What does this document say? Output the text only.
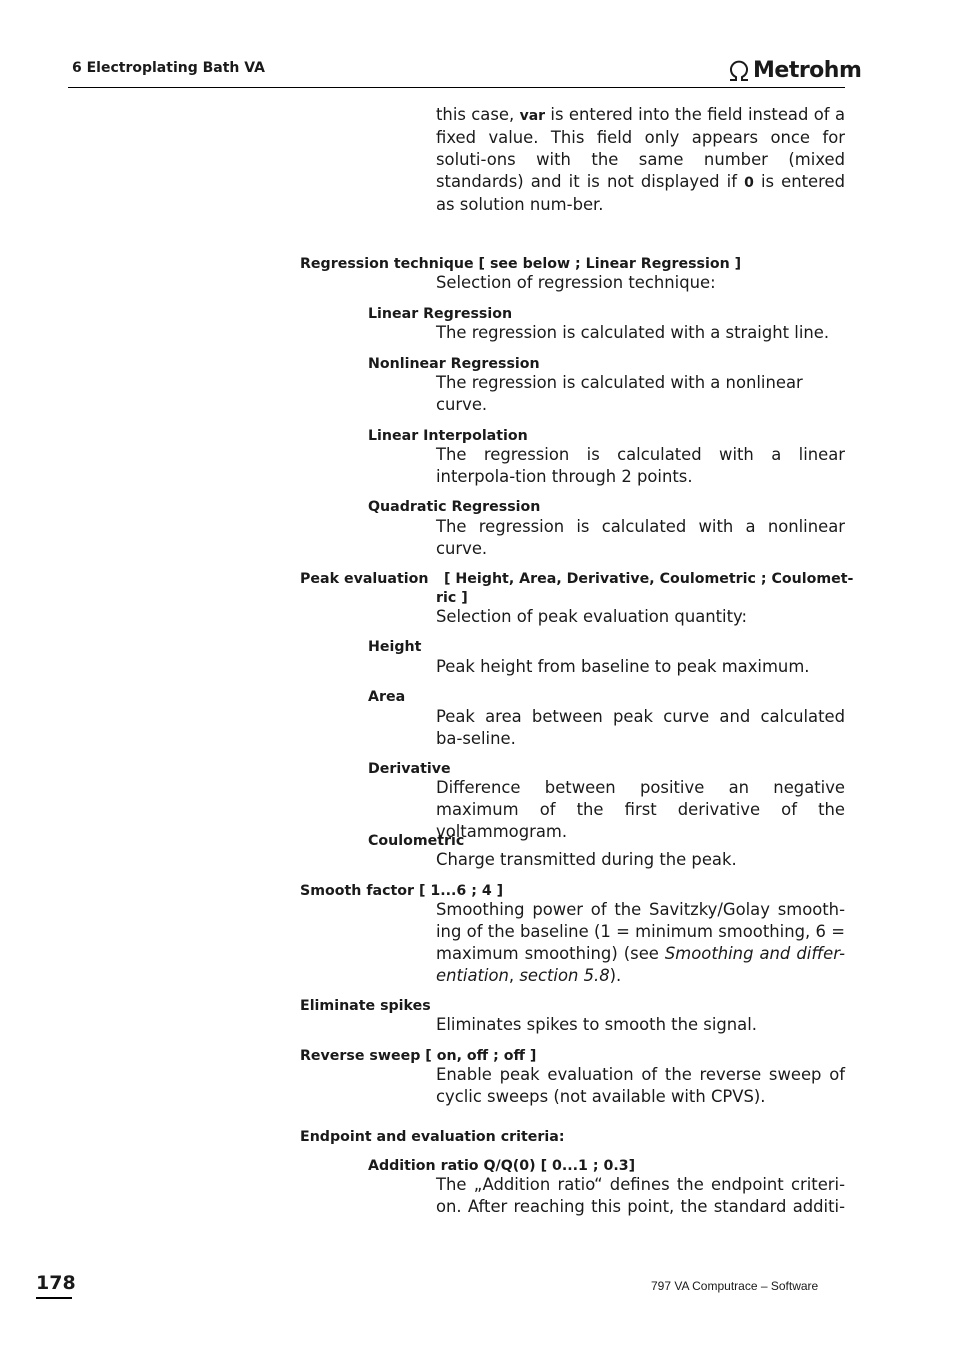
6 Electroplating Bath VA	Metrohm
this case, var is entered into the field instead of a fixed value. This field only appears once for soluti-ons with the same number (mixed standards) and it is not displayed if 0 is entered as solution num-ber.
Regression technique [ see below ; Linear Regression ]
Selection of regression technique:
Linear Regression
The regression is calculated with a straight line.
Nonlinear Regression
The regression is calculated with a nonlinear curve.
Linear Interpolation
The regression is calculated with a linear interpola-tion through 2 points.
Quadratic Regression
The regression is calculated with a nonlinear curve.
Peak evaluation [ Height, Area, Derivative, Coulometric ; Coulomet-
ric ]
Selection of peak evaluation quantity:
Height
Peak height from baseline to peak maximum.
Area
Peak area between peak curve and calculated ba-seline.
Derivative
Difference between positive an negative maximum of the first derivative of the voltammogram.
Coulometric
Charge transmitted during the peak.
Smooth factor [ 1...6 ; 4 ]
Smoothing power of the Savitzky/Golay smooth-ing of the baseline (1 = minimum smoothing, 6 = maximum smoothing) (see Smoothing and differ-entiation, section 5.8).
Eliminate spikes
Eliminates spikes to smooth the signal.
Reverse sweep [ on, off ; off ]
Enable peak evaluation of the reverse sweep of cyclic sweeps (not available with CPVS).
Endpoint and evaluation criteria:
Addition ratio Q/Q(0) [ 0...1 ; 0.3]
The „Addition ratio“ defines the endpoint criteri-on. After reaching this point, the standard additi-
178	797 VA Computrace – Software
